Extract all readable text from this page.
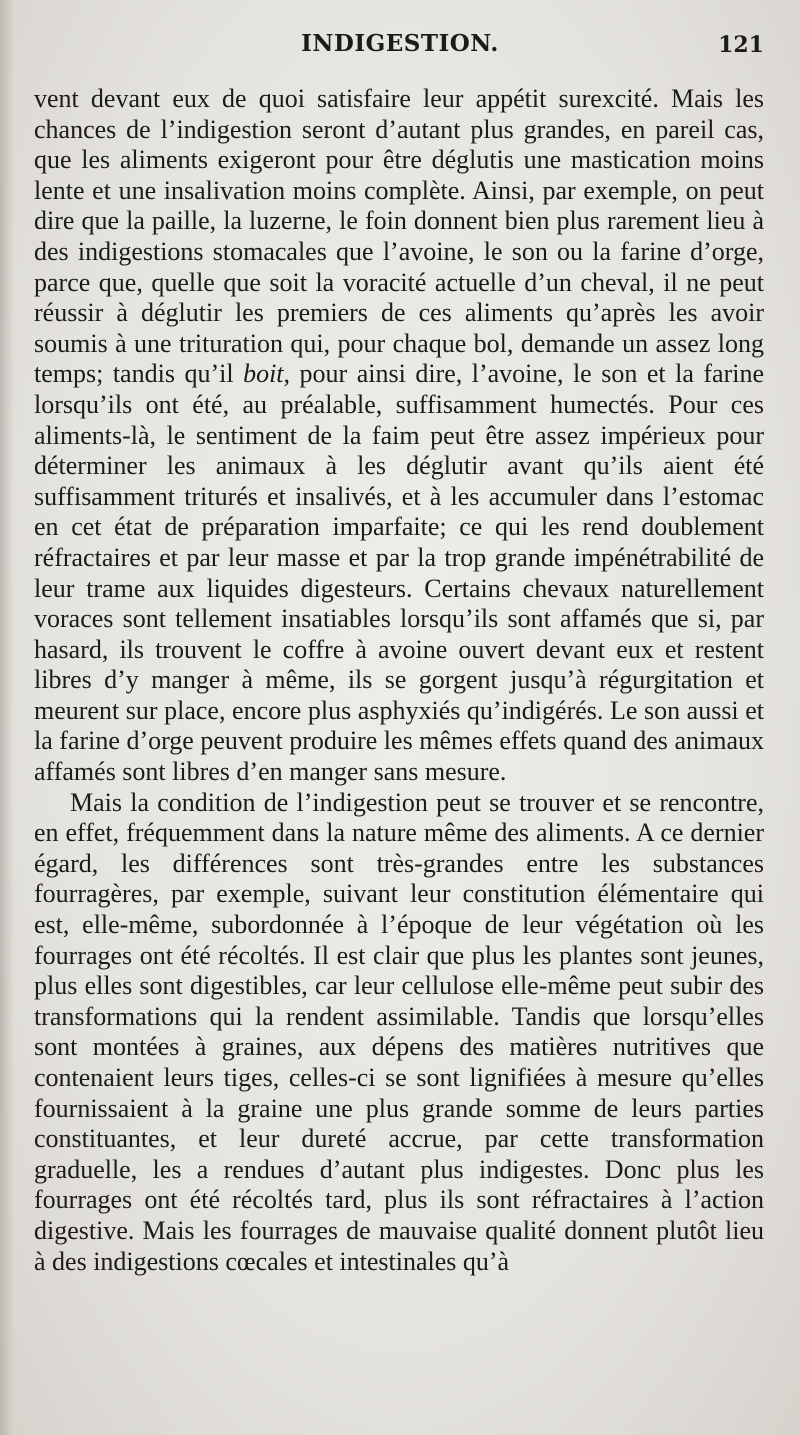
INDIGESTION.	121

vent devant eux de quoi satisfaire leur appétit surexcité. Mais les chances de l’indigestion seront d’autant plus grandes, en pareil cas, que les aliments exigeront pour être déglutis une mastication moins lente et une insalivation moins complète. Ainsi, par exemple, on peut dire que la paille, la luzerne, le foin donnent bien plus rarement lieu à des indigestions stomacales que l’avoine, le son ou la farine d’orge, parce que, quelle que soit la voracité actuelle d’un cheval, il ne peut réussir à déglutir les premiers de ces aliments qu’après les avoir soumis à une trituration qui, pour chaque bol, demande un assez long temps; tandis qu’il boit, pour ainsi dire, l’avoine, le son et la farine lorsqu’ils ont été, au préalable, suffisamment humectés. Pour ces aliments-là, le sentiment de la faim peut être assez impérieux pour déterminer les animaux à les déglutir avant qu’ils aient été suffisamment triturés et insalivés, et à les accumuler dans l’estomac en cet état de préparation imparfaite; ce qui les rend doublement réfractaires et par leur masse et par la trop grande impénétrabilité de leur trame aux liquides digesteurs. Certains chevaux naturellement voraces sont tellement insatiables lorsqu’ils sont affamés que si, par hasard, ils trouvent le coffre à avoine ouvert devant eux et restent libres d’y manger à même, ils se gorgent jusqu’à régurgitation et meurent sur place, encore plus asphyxiés qu’indigérés. Le son aussi et la farine d’orge peuvent produire les mêmes effets quand des animaux affamés sont libres d’en manger sans mesure.

Mais la condition de l’indigestion peut se trouver et se rencontre, en effet, fréquemment dans la nature même des aliments. A ce dernier égard, les différences sont très-grandes entre les substances fourragères, par exemple, suivant leur constitution élémentaire qui est, elle-même, subordonnée à l’époque de leur végétation où les fourrages ont été récoltés. Il est clair que plus les plantes sont jeunes, plus elles sont digestibles, car leur cellulose elle-même peut subir des transformations qui la rendent assimilable. Tandis que lorsqu’elles sont montées à graines, aux dépens des matières nutritives que contenaient leurs tiges, celles-ci se sont lignifiées à mesure qu’elles fournissaient à la graine une plus grande somme de leurs parties constituantes, et leur dureté accrue, par cette transformation graduelle, les a rendues d’autant plus indigestes. Donc plus les fourrages ont été récoltés tard, plus ils sont réfractaires à l’action digestive. Mais les fourrages de mauvaise qualité donnent plutôt lieu à des indigestions cœcales et intestinales qu’à
